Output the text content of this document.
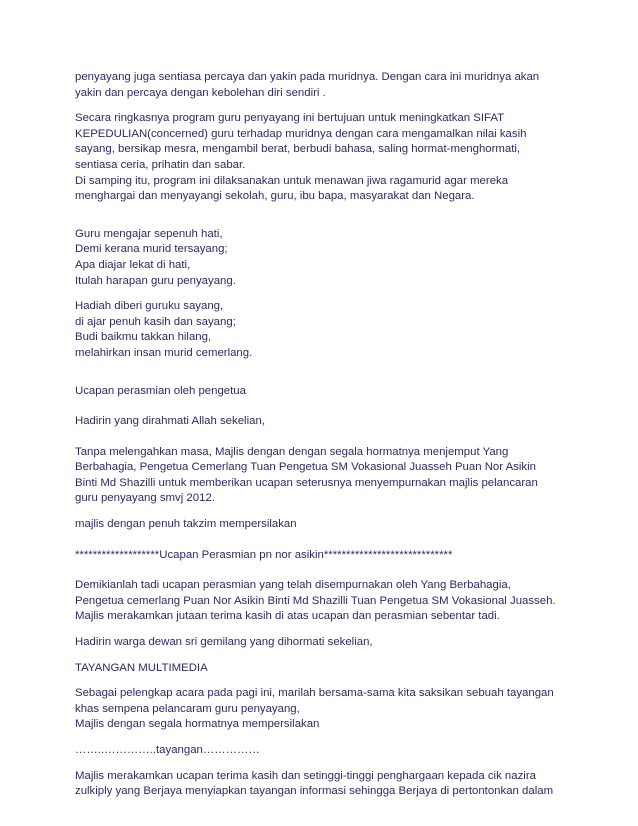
penyayang juga sentiasa percaya dan yakin pada muridnya. Dengan cara ini muridnya akan
yakin dan percaya dengan kebolehan diri sendiri .
Secara ringkasnya program guru penyayang ini bertujuan untuk meningkatkan SIFAT
KEPEDULIAN(concerned) guru terhadap muridnya dengan cara mengamalkan nilai kasih
sayang, bersikap mesra, mengambil berat, berbudi bahasa, saling hormat-menghormati,
sentiasa ceria, prihatin dan sabar.
Di samping itu, program ini dilaksanakan untuk menawan jiwa ragamurid agar mereka
menghargai dan menyayangi sekolah, guru, ibu bapa, masyarakat dan Negara.
Guru mengajar sepenuh hati,
Demi kerana murid tersayang;
Apa diajar lekat di hati,
Itulah harapan guru penyayang.
Hadiah diberi guruku sayang,
di ajar penuh kasih dan sayang;
Budi baikmu takkan hilang,
melahirkan insan murid cemerlang.
Ucapan perasmian oleh pengetua
Hadirin yang dirahmati Allah sekelian,
Tanpa melengahkan masa, Majlis dengan dengan segala hormatnya menjemput Yang
Berbahagia, Pengetua Cemerlang Tuan Pengetua SM Vokasional Juasseh Puan Nor Asikin
Binti Md Shazilli untuk memberikan ucapan seterusnya menyempurnakan majlis pelancaran
guru penyayang smvj 2012.
majlis dengan penuh takzim mempersilakan
*******************Ucapan Perasmian pn nor asikin*****************************
Demikianlah tadi ucapan perasmian yang telah disempurnakan oleh Yang Berbahagia,
Pengetua cemerlang Puan Nor Asikin Binti Md Shazilli Tuan Pengetua SM Vokasional Juasseh.
Majlis merakamkan jutaan terima kasih di atas ucapan dan perasmian sebentar tadi.
Hadirin warga dewan sri gemilang yang dihormati sekelian,
TAYANGAN MULTIMEDIA
Sebagai pelengkap acara pada pagi ini, marilah bersama-sama kita saksikan sebuah tayangan
khas sempena pelancaram guru penyayang,
Majlis dengan segala hormatnya mempersilakan
……..…………..tayangan……………
Majlis merakamkan ucapan terima kasih dan setinggi-tinggi penghargaan kepada cik nazira
zulkiply yang Berjaya menyiapkan tayangan informasi sehingga Berjaya di pertontonkan dalam
